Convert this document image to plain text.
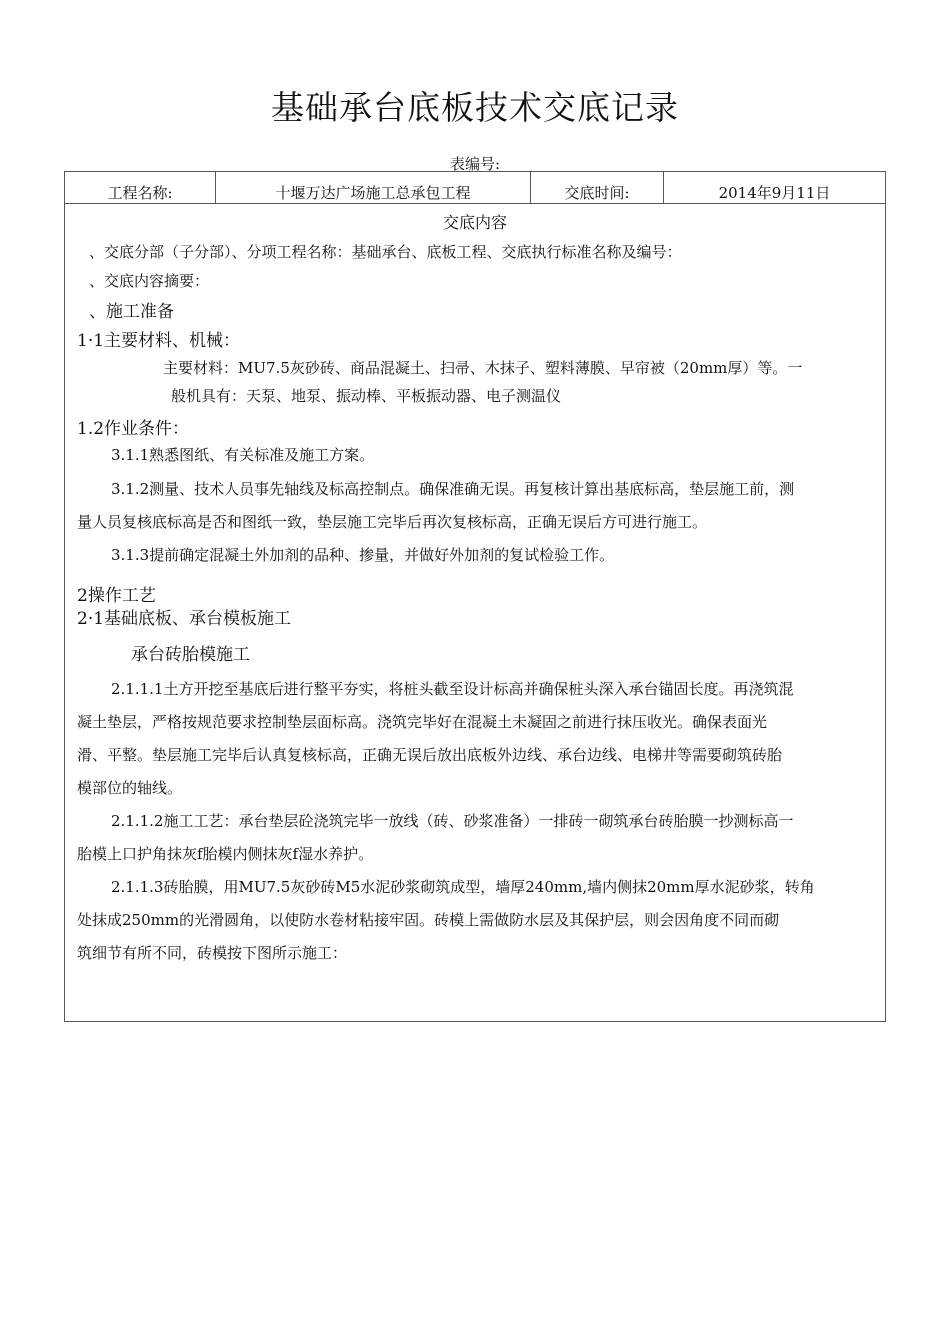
基础承台底板技术交底记录
表编号:
工程名称:	十堰万达广场施工总承包工程	交底时间:	2014年9月11日
交底内容
、交底分部（子分部）、分项工程名称：基础承台、底板工程、交底执行标准名称及编号：
、交底内容摘要：
、施工准备
1·1主要材料、机械：
主要材料：MU7.5灰砂砖、商品混凝土、扫帚、木抹子、塑料薄膜、早帘被（20mm厚）等。一
般机具有：天泵、地泵、振动棒、平板振动器、电子测温仪
1.2作业条件：
3.1.1熟悉图纸、有关标准及施工方案。
3.1.2测量、技术人员事先轴线及标高控制点。确保准确无误。再复核计算出基底标高，垫层施工前，测
量人员复核底标高是否和图纸一致，垫层施工完毕后再次复核标高，正确无误后方可进行施工。
3.1.3提前确定混凝土外加剂的品种、掺量，并做好外加剂的复试检验工作。
2操作工艺
2·1基础底板、承台模板施工
承台砖胎模施工
2.1.1.1土方开挖至基底后进行整平夯实，将桩头截至设计标高并确保桩头深入承台锚固长度。再浇筑混
凝土垫层，严格按规范要求控制垫层面标高。浇筑完毕好在混凝土未凝固之前进行抹压收光。确保表面光
滑、平整。垫层施工完毕后认真复核标高，正确无误后放出底板外边线、承台边线、电梯井等需要砌筑砖胎
模部位的轴线。
2.1.1.2施工工艺：承台垫层砼浇筑完毕一放线（砖、砂浆准备）一排砖一砌筑承台砖胎膜一抄测标高一
胎模上口护角抹灰f胎模内侧抹灰f湿水养护。
2.1.1.3砖胎膜，用MU7.5灰砂砖M5水泥砂浆砌筑成型，墙厚240mm,墙内侧抹20mm厚水泥砂浆，转角
处抹成250mm的光滑圆角，以使防水卷材粘接牢固。砖模上需做防水层及其保护层，则会因角度不同而砌
筑细节有所不同，砖模按下图所示施工：
